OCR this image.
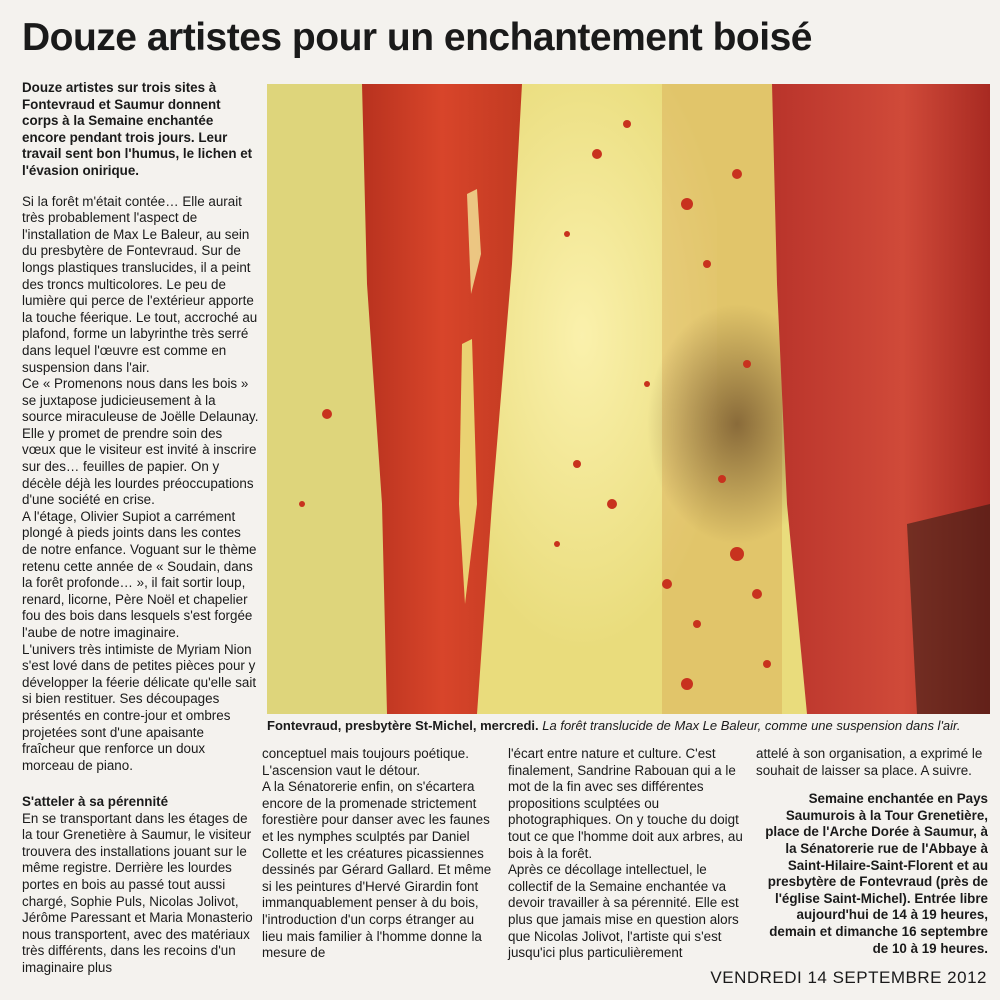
Douze artistes pour un enchantement boisé

Douze artistes sur trois sites à Fontevraud et Saumur donnent corps à la Semaine enchantée encore pendant trois jours. Leur travail sent bon l'humus, le lichen et l'évasion onirique.

Si la forêt m'était contée… Elle aurait très probablement l'aspect de l'installation de Max Le Baleur, au sein du presbytère de Fontevraud. Sur de longs plastiques translucides, il a peint des troncs multicolores. Le peu de lumière qui perce de l'extérieur apporte la touche féerique. Le tout, accroché au plafond, forme un labyrinthe très serré dans lequel l'œuvre est comme en suspension dans l'air.

Ce « Promenons nous dans les bois » se juxtapose judicieusement à la source miraculeuse de Joëlle Delaunay. Elle y promet de prendre soin des vœux que le visiteur est invité à inscrire sur des… feuilles de papier. On y décèle déjà les lourdes préoccupations d'une société en crise.

A l'étage, Olivier Supiot a carrément plongé à pieds joints dans les contes de notre enfance. Voguant sur le thème retenu cette année de « Soudain, dans la forêt profonde… », il fait sortir loup, renard, licorne, Père Noël et chapelier fou des bois dans lesquels s'est forgée l'aube de notre imaginaire.

L'univers très intimiste de Myriam Nion s'est lové dans de petites pièces pour y développer la féerie délicate qu'elle sait si bien restituer. Ses découpages présentés en contre-jour et ombres projetées sont d'une apaisante fraîcheur que renforce un doux morceau de piano.

S'atteler à sa pérennité

En se transportant dans les étages de la tour Grenetière à Saumur, le visiteur trouvera des installations jouant sur le même registre. Derrière les lourdes portes en bois au passé tout aussi chargé, Sophie Puls, Nicolas Jolivot, Jérôme Paressant et Maria Monasterio nous transportent, avec des matériaux très différents, dans les recoins d'un imaginaire plus

Fontevraud, presbytère St-Michel, mercredi. La forêt translucide de Max Le Baleur, comme une suspension dans l'air.

conceptuel mais toujours poétique. L'ascension vaut le détour.

A la Sénatorerie enfin, on s'écartera encore de la promenade strictement forestière pour danser avec les faunes et les nymphes sculptés par Daniel Collette et les créatures picassiennes dessinés par Gérard Gallard. Et même si les peintures d'Hervé Girardin font immanquablement penser à du bois, l'introduction d'un corps étranger au lieu mais familier à l'homme donne la mesure de

l'écart entre nature et culture. C'est finalement, Sandrine Rabouan qui a le mot de la fin avec ses différentes propositions sculptées ou photographiques. On y touche du doigt tout ce que l'homme doit aux arbres, au bois à la forêt.

Après ce décollage intellectuel, le collectif de la Semaine enchantée va devoir travailler à sa pérennité. Elle est plus que jamais mise en question alors que Nicolas Jolivot, l'artiste qui s'est jusqu'ici plus particulièrement

attelé à son organisation, a exprimé le souhait de laisser sa place. A suivre.

Semaine enchantée en Pays Saumurois à la Tour Grenetière, place de l'Arche Dorée à Saumur, à la Sénatorerie rue de l'Abbaye à Saint-Hilaire-Saint-Florent et au presbytère de Fontevraud (près de l'église Saint-Michel). Entrée libre aujourd'hui de 14 à 19 heures, demain et dimanche 16 septembre de 10 à 19 heures.

VENDREDI 14 SEPTEMBRE 2012
